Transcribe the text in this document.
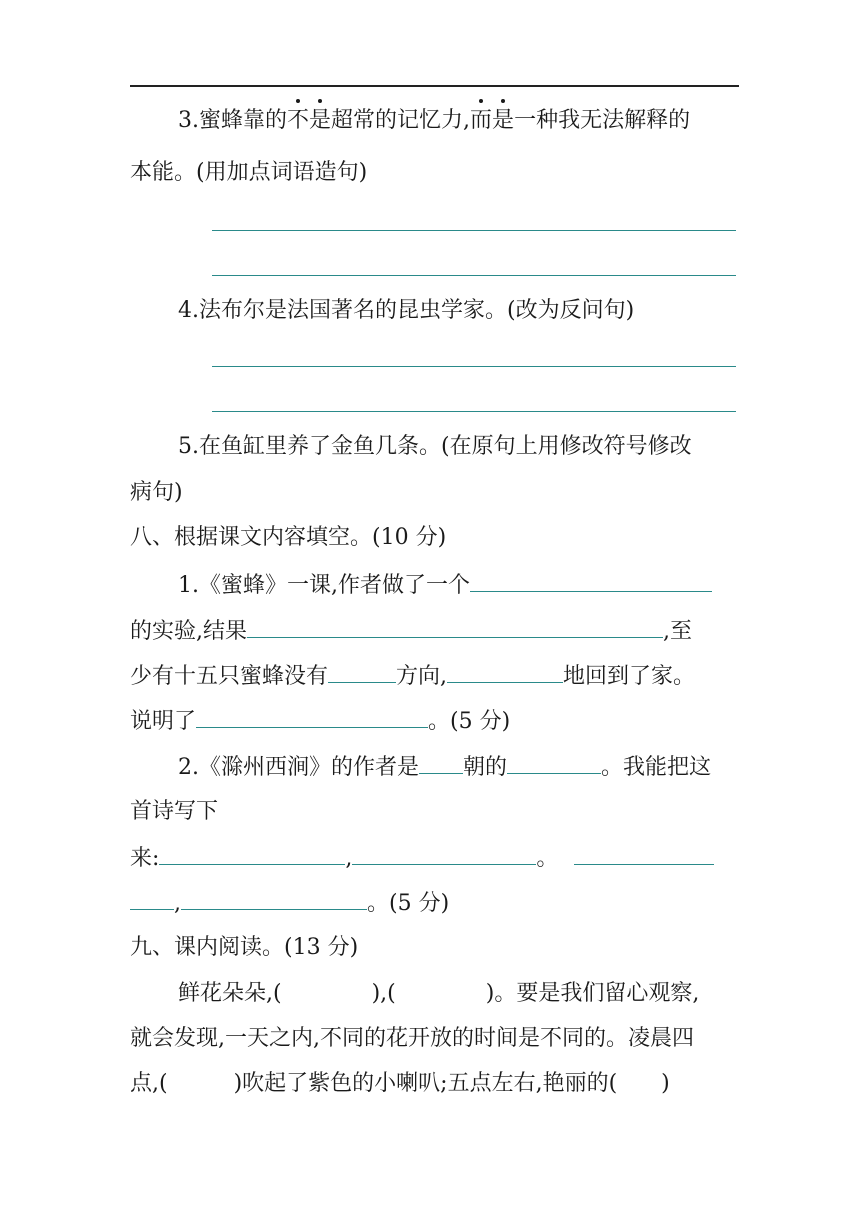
3.蜜蜂靠的不是超常的记忆力,而是一种我无法解释的
本能。(用加点词语造句)
4.法布尔是法国著名的昆虫学家。(改为反问句)
5.在鱼缸里养了金鱼几条。(在原句上用修改符号修改
病句)
八、根据课文内容填空。(10 分)
1.《蜜蜂》一课,作者做了一个
的实验,结果	,至
少有十五只蜜蜂没有	方向,	地回到了家。
说明了	。(5 分)
2.《滁州西涧》的作者是 朝的	。我能把这
首诗写下
来:	,	。
,	。(5 分)
九、课内阅读。(13 分)
鲜花朵朵,(	),(	)。要是我们留心观察,
就会发现,一天之内,不同的花开放的时间是不同的。凌晨四
点,(	)吹起了紫色的小喇叭;五点左右,艳丽的( )
